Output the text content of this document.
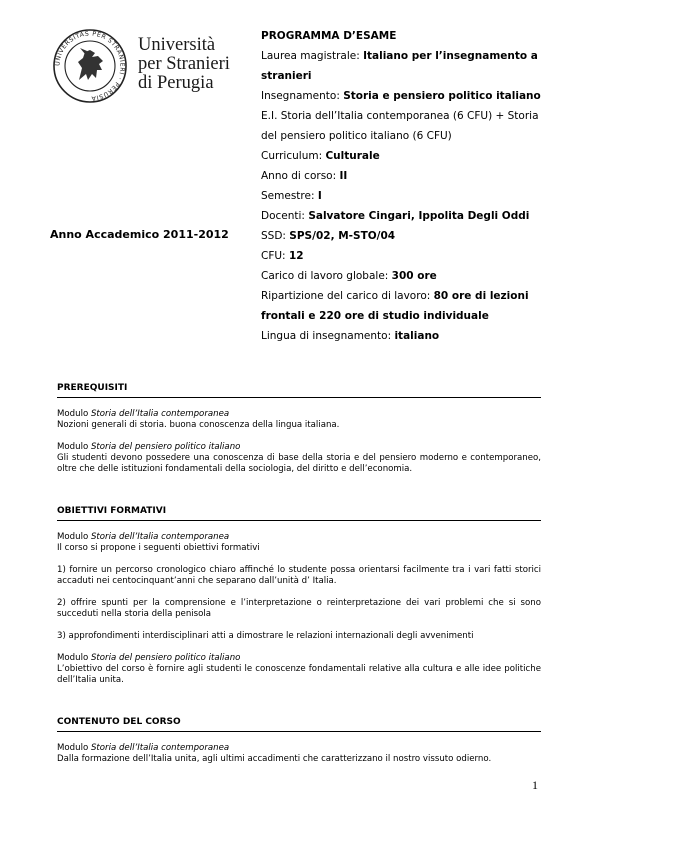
UNIVERSITAS PER STRANIERI · PERUSIA
Università
per Stranieri
di Perugia
Anno Accademico 2011-2012
PROGRAMMA D’ESAME
Laurea magistrale: Italiano per l’insegnamento a
stranieri
Insegnamento: Storia e pensiero politico italiano
E.I. Storia dell’Italia contemporanea (6 CFU) + Storia
del pensiero politico italiano (6 CFU)
Curriculum: Culturale
Anno di corso: II
Semestre: I
Docenti: Salvatore Cingari, Ippolita Degli Oddi
SSD: SPS/02, M-STO/04
CFU: 12
Carico di lavoro globale: 300 ore
Ripartizione del carico di lavoro: 80 ore di lezioni
frontali e 220 ore di studio individuale
Lingua di insegnamento: italiano
PREREQUISITI

Modulo Storia dell’Italia contemporanea

Nozioni generali di storia. buona conoscenza della lingua italiana.

Modulo Storia del pensiero politico italiano

Gli studenti devono possedere una conoscenza di base della storia e del pensiero moderno e contemporaneo, oltre che delle istituzioni fondamentali della sociologia, del diritto e dell’economia.

OBIETTIVI FORMATIVI

Modulo Storia dell’Italia contemporanea

Il corso si propone i seguenti obiettivi formativi

1) fornire un percorso cronologico chiaro affinché lo studente possa orientarsi facilmente tra i vari fatti storici accaduti nei centocinquant’anni che separano dall’unità d’ Italia.

2) offrire spunti per la comprensione e l’interpretazione o reinterpretazione dei vari problemi che si sono succeduti nella storia della penisola

3) approfondimenti interdisciplinari atti a dimostrare le relazioni internazionali degli avvenimenti

Modulo Storia del pensiero politico italiano

L’obiettivo del corso è fornire agli studenti le conoscenze fondamentali relative alla cultura e alle idee politiche dell’Italia unita.

CONTENUTO DEL CORSO

Modulo Storia dell’Italia contemporanea

Dalla formazione dell’Italia unita, agli ultimi accadimenti che caratterizzano il nostro vissuto odierno.

1
